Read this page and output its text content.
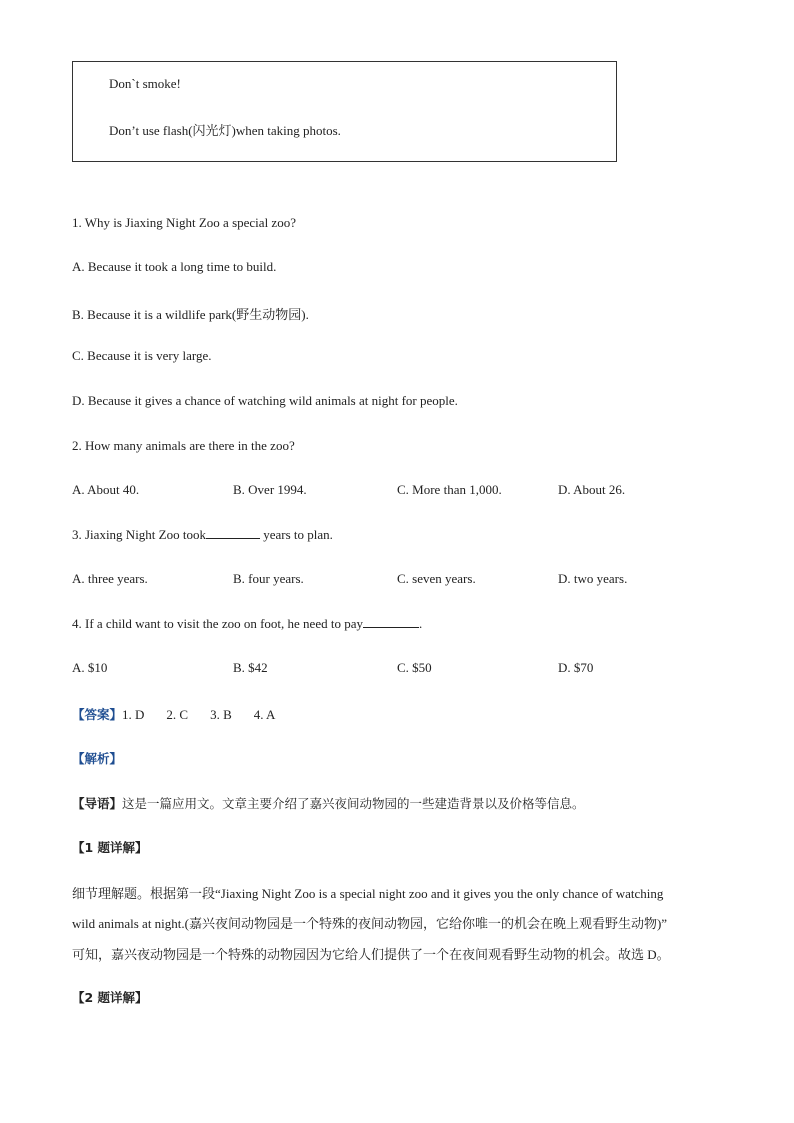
Don`t smoke!
Don’t use flash(闪光灯)when taking photos.
1. Why is Jiaxing Night Zoo a special zoo?
A. Because it took a long time to build.
B. Because it is a wildlife park(野生动物园).
C. Because it is very large.
D. Because it gives a chance of watching wild animals at night for people.
2. How many animals are there in the zoo?
A. About 40.	B. Over 1994.	C. More than 1,000.	D. About 26.
3. Jiaxing Night Zoo took	years to plan.
A. three years.	B. four years.	C. seven years.	D. two years.
4. If a child want to visit the zoo on foot, he need to pay	.
A. $10	B. $42	C. $50	D. $70
【答案】1. D 2. C 3. B 4. A
【解析】
【导语】这是一篇应用文。文章主要介绍了嘉兴夜间动物园的一些建造背景以及价格等信息。
【1 题详解】
细节理解题。根据第一段“Jiaxing Night Zoo is a special night zoo and it gives you the only chance of watching
wild animals at night.(嘉兴夜间动物园是一个特殊的夜间动物园，它给你唯一的机会在晚上观看野生动物)”
可知，嘉兴夜动物园是一个特殊的动物园因为它给人们提供了一个在夜间观看野生动物的机会。故选 D。
【2 题详解】
